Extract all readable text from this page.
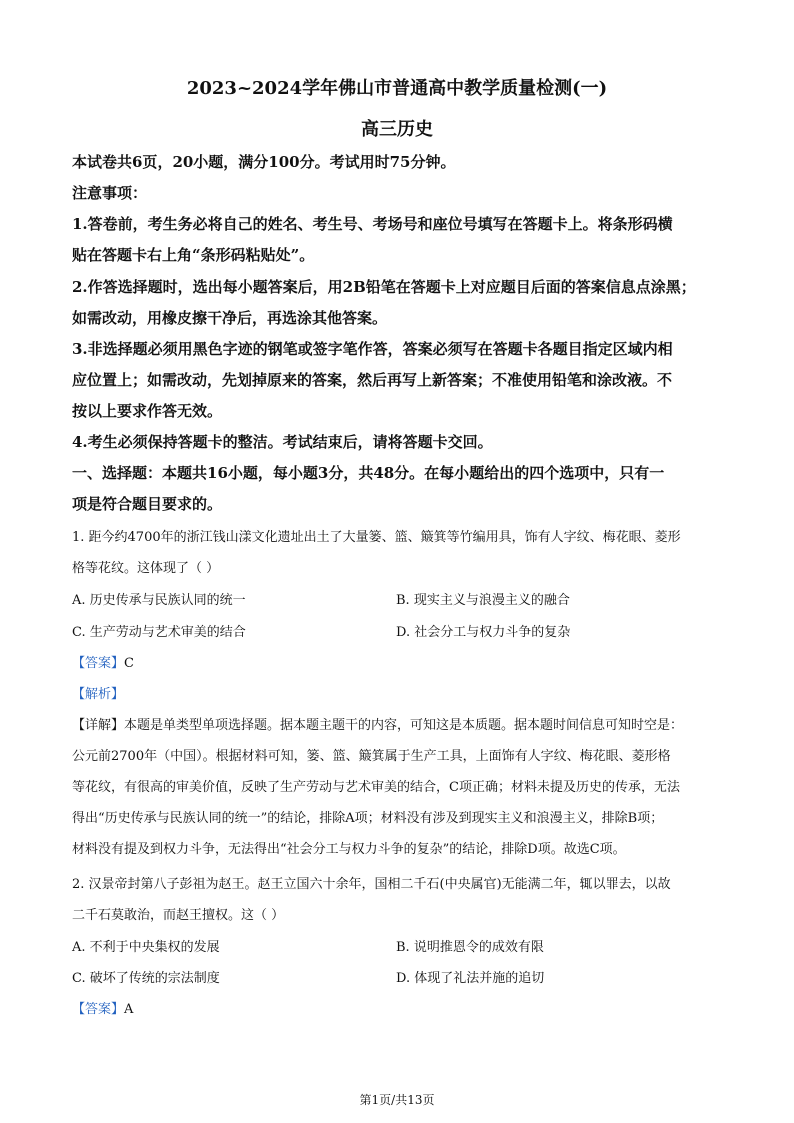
2023~2024学年佛山市普通高中教学质量检测(一)
高三历史
本试卷共6页，20小题，满分100分。考试用时75分钟。
注意事项：
1.答卷前，考生务必将自己的姓名、考生号、考场号和座位号填写在答题卡上。将条形码横
贴在答题卡右上角“条形码粘贴处”。
2.作答选择题时，选出每小题答案后，用2B铅笔在答题卡上对应题目后面的答案信息点涂黑；
如需改动，用橡皮擦干净后，再选涂其他答案。
3.非选择题必须用黑色字迹的钢笔或签字笔作答，答案必须写在答题卡各题目指定区域内相
应位置上；如需改动，先划掉原来的答案，然后再写上新答案；不准使用铅笔和涂改液。不
按以上要求作答无效。
4.考生必须保持答题卡的整洁。考试结束后，请将答题卡交回。
一、选择题：本题共16小题，每小题3分，共48分。在每小题给出的四个选项中，只有一
项是符合题目要求的。
1. 距今约4700年的浙江钱山漾文化遗址出土了大量篓、篮、簸箕等竹编用具，饰有人字纹、梅花眼、菱形
格等花纹。这体现了（ ）
A. 历史传承与民族认同的统一	B. 现实主义与浪漫主义的融合
C. 生产劳动与艺术审美的结合	D. 社会分工与权力斗争的复杂
【答案】C
【解析】
【详解】本题是单类型单项选择题。据本题主题干的内容，可知这是本质题。据本题时间信息可知时空是：
公元前2700年（中国）。根据材料可知，篓、篮、簸箕属于生产工具，上面饰有人字纹、梅花眼、菱形格
等花纹，有很高的审美价值，反映了生产劳动与艺术审美的结合，C项正确；材料未提及历史的传承，无法
得出“历史传承与民族认同的统一”的结论，排除A项；材料没有涉及到现实主义和浪漫主义，排除B项；
材料没有提及到权力斗争，无法得出“社会分工与权力斗争的复杂”的结论，排除D项。故选C项。
2. 汉景帝封第八子彭祖为赵王。赵王立国六十余年，国相二千石(中央属官)无能满二年，辄以罪去，以故
二千石莫敢治，而赵王擅权。这（ ）
A. 不利于中央集权的发展	B. 说明推恩令的成效有限
C. 破坏了传统的宗法制度	D. 体现了礼法并施的追切
【答案】A
第1页/共13页
